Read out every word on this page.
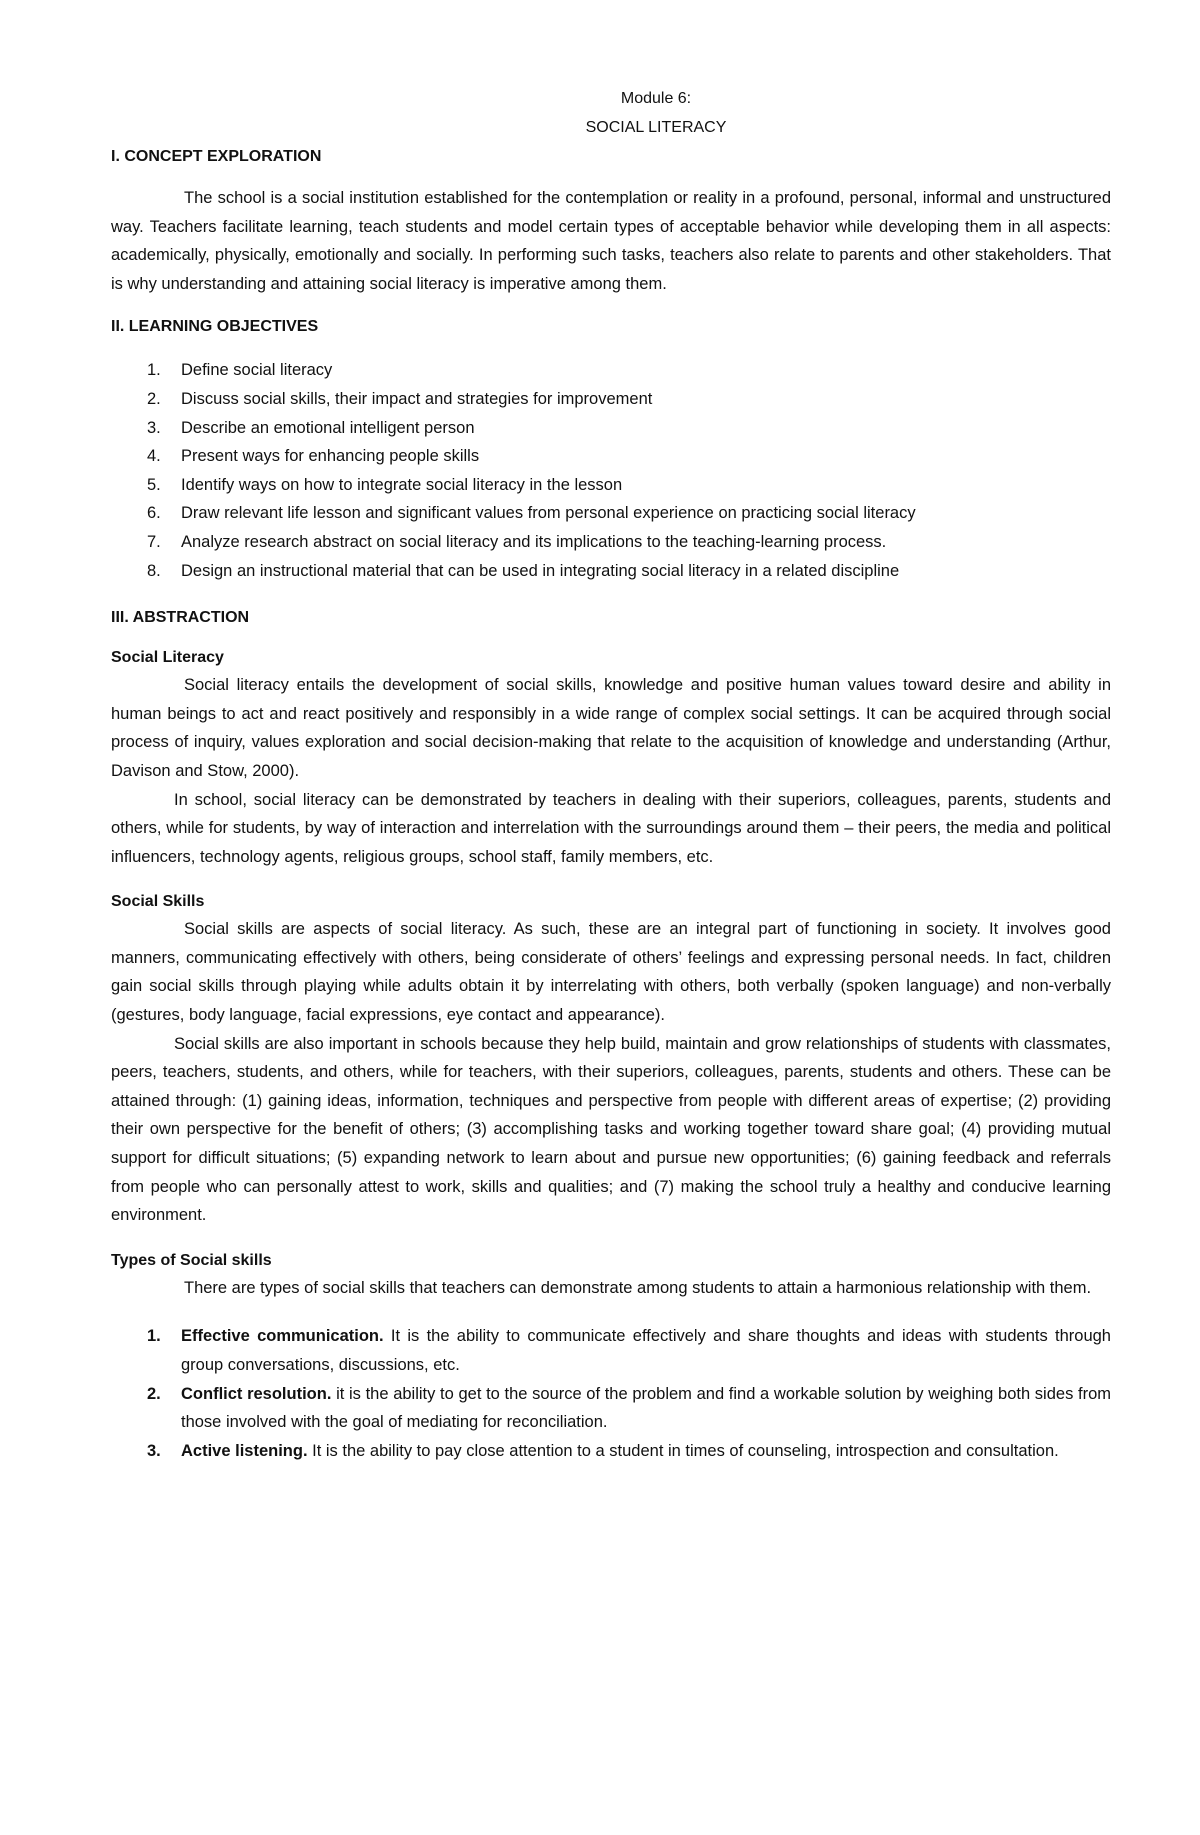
Module 6:
SOCIAL LITERACY
I. CONCEPT EXPLORATION

The school is a social institution established for the contemplation or reality in a profound, personal, informal and unstructured way. Teachers facilitate learning, teach students and model certain types of acceptable behavior while developing them in all aspects: academically, physically, emotionally and socially. In performing such tasks, teachers also relate to parents and other stakeholders. That is why understanding and attaining social literacy is imperative among them.

II. LEARNING OBJECTIVES
1. Define social literacy
2. Discuss social skills, their impact and strategies for improvement
3. Describe an emotional intelligent person
4. Present ways for enhancing people skills
5. Identify ways on how to integrate social literacy in the lesson
6. Draw relevant life lesson and significant values from personal experience on practicing social literacy
7. Analyze research abstract on social literacy and its implications to the teaching-learning process.
8. Design an instructional material that can be used in integrating social literacy in a related discipline
III. ABSTRACTION
Social Literacy

Social literacy entails the development of social skills, knowledge and positive human values toward desire and ability in human beings to act and react positively and responsibly in a wide range of complex social settings. It can be acquired through social process of inquiry, values exploration and social decision-making that relate to the acquisition of knowledge and understanding (Arthur, Davison and Stow, 2000).

In school, social literacy can be demonstrated by teachers in dealing with their superiors, colleagues, parents, students and others, while for students, by way of interaction and interrelation with the surroundings around them – their peers, the media and political influencers, technology agents, religious groups, school staff, family members, etc.

Social Skills

Social skills are aspects of social literacy. As such, these are an integral part of functioning in society. It involves good manners, communicating effectively with others, being considerate of others’ feelings and expressing personal needs. In fact, children gain social skills through playing while adults obtain it by interrelating with others, both verbally (spoken language) and non-verbally (gestures, body language, facial expressions, eye contact and appearance).

Social skills are also important in schools because they help build, maintain and grow relationships of students with classmates, peers, teachers, students, and others, while for teachers, with their superiors, colleagues, parents, students and others. These can be attained through: (1) gaining ideas, information, techniques and perspective from people with different areas of expertise; (2) providing their own perspective for the benefit of others; (3) accomplishing tasks and working together toward share goal; (4) providing mutual support for difficult situations; (5) expanding network to learn about and pursue new opportunities; (6) gaining feedback and referrals from people who can personally attest to work, skills and qualities; and (7) making the school truly a healthy and conducive learning environment.

Types of Social skills

There are types of social skills that teachers can demonstrate among students to attain a harmonious relationship with them.

1. Effective communication. It is the ability to communicate effectively and share thoughts and ideas with students through group conversations, discussions, etc.
2. Conflict resolution. it is the ability to get to the source of the problem and find a workable solution by weighing both sides from those involved with the goal of mediating for reconciliation.
3. Active listening. It is the ability to pay close attention to a student in times of counseling, introspection and consultation.
